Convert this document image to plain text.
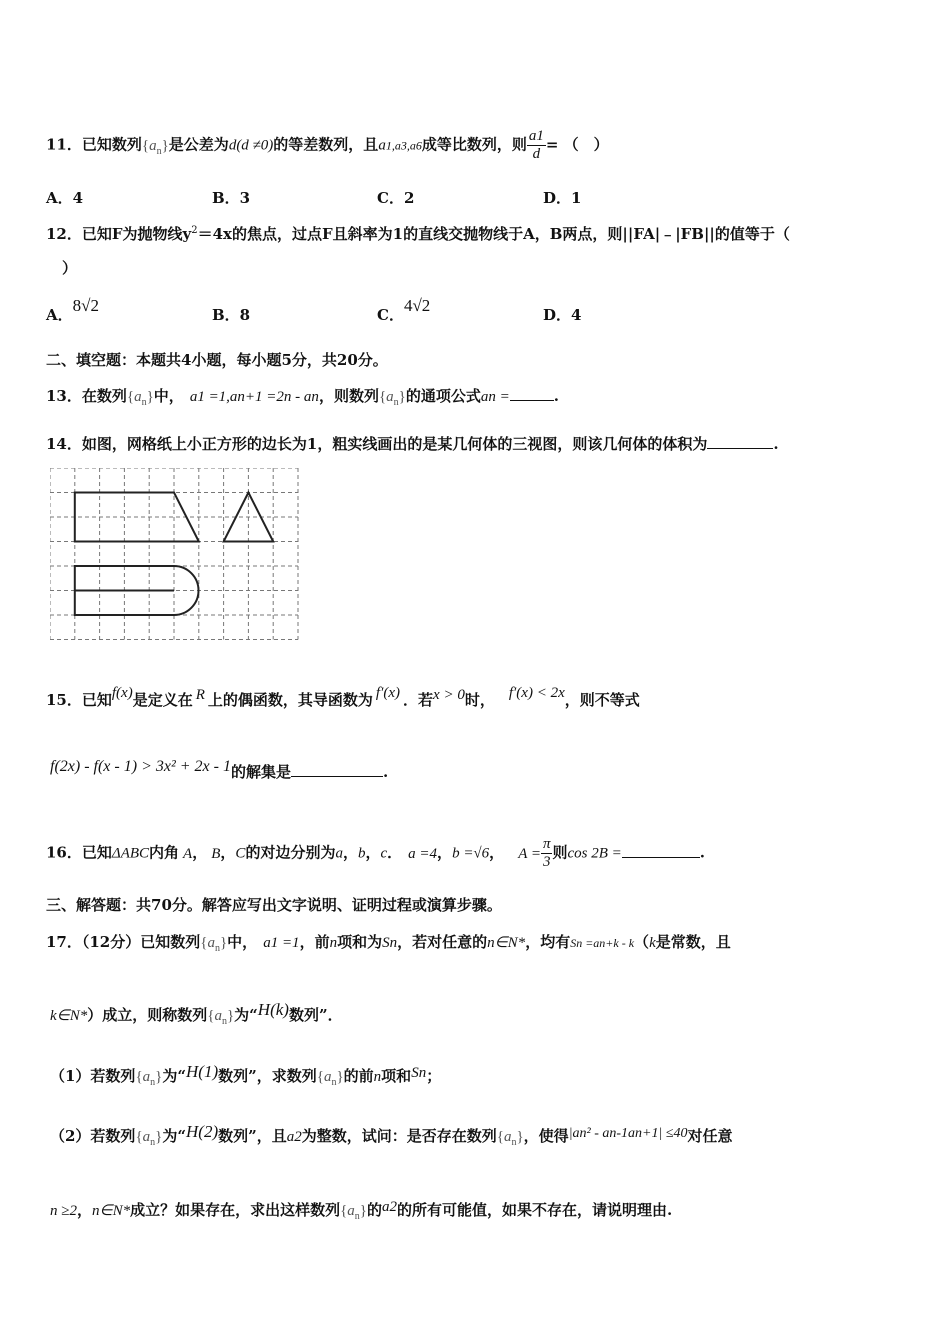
11．已知数列$\{a_n\}$是公差为d(d ≠0)的等差数列，且a1,a3,a6成等比数列，则 $\frac{a1}{d}$ = （　）
A．4	B．3	C．2	D．1
12．已知F为抛物线$y^2=4x$的焦点，过点F且斜率为1的直线交抛物线于A，B两点，则||FA|﹣|FB||的值等于（
）
A．8√2	B．8	C．4√2	D．4
二、填空题：本题共4小题，每小题5分，共20分。
13．在数列$\{a_n\}$中， a1 =1,an+1 =2n - an，则数列$\{a_n\}$的通项公式an =	.
14．如图，网格纸上小正方形的边长为1，粗实线画出的是某几何体的三视图，则该几何体的体积为	.
15．已知f(x)是定义在 R 上的偶函数，其导函数为 f′(x) ．若x > 0时， f′(x) < 2x，则不等式
f(2x) - f(x - 1) > 3x² + 2x - 1的解集是	.
16．已知ΔABC内角 A， B，C的对边分别为a，b，c． a =4，b =√6， $A = \frac{\pi}{3}$ 则cos 2B =	.
三、解答题：共70分。解答应写出文字说明、证明过程或演算步骤。
17．（12分）已知数列$\{a_n\}$中， a1 =1，前n项和为Sn，若对任意的n∈N*，均有Sn =an+k - k（k是常数，且
k∈N*）成立，则称数列$\{a_n\}$为“H(k)数列”．
（1）若数列$\{a_n\}$为“H(1)数列”，求数列$\{a_n\}$的前n项和Sn；
（2）若数列$\{a_n\}$为“H(2)数列”，且a2为整数，试问：是否存在数列$\{a_n\}$，使得|an² - an-1an+1| ≤40对任意
n ≥2，n∈N*成立？如果存在，求出这样数列$\{a_n\}$的a2的所有可能值，如果不存在，请说明理由.
